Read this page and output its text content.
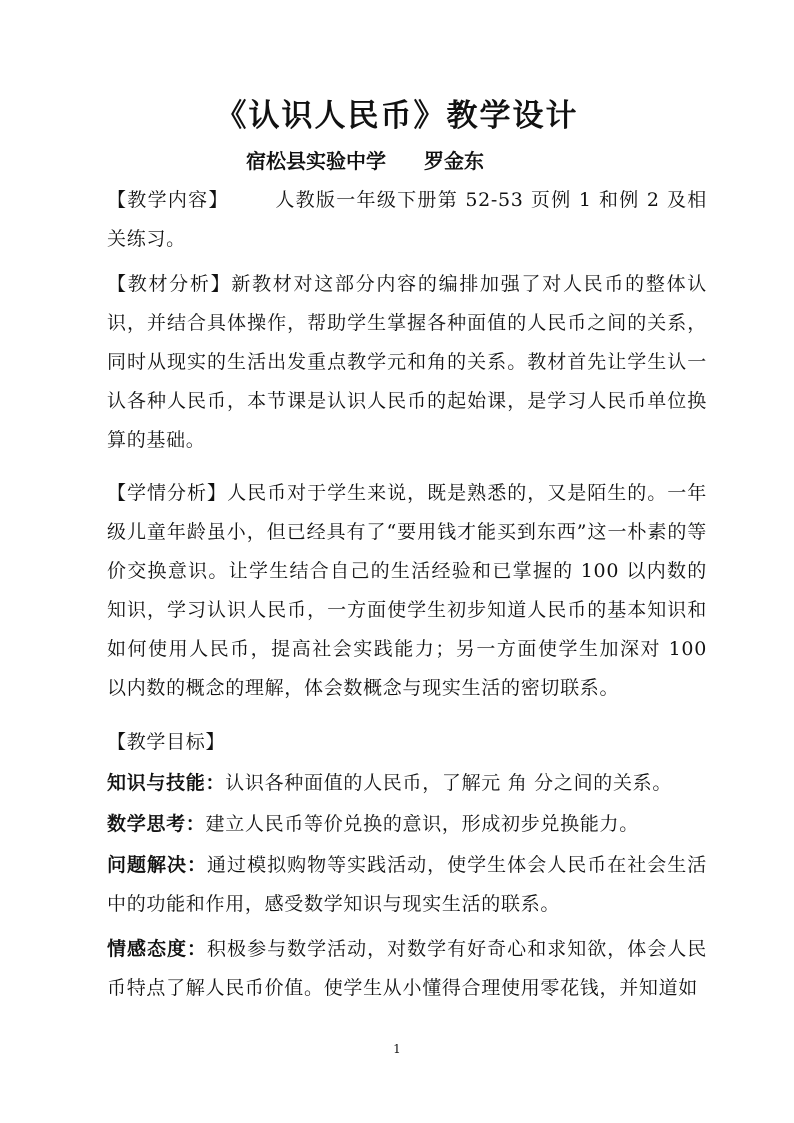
《认识人民币》教学设计
宿松县实验中学 罗金东
【教学内容】 人教版一年级下册第 52-53 页例 1 和例 2 及相关练习。
【教材分析】新教材对这部分内容的编排加强了对人民币的整体认识，并结合具体操作，帮助学生掌握各种面值的人民币之间的关系，同时从现实的生活出发重点教学元和角的关系。教材首先让学生认一认各种人民币，本节课是认识人民币的起始课，是学习人民币单位换算的基础。
【学情分析】人民币对于学生来说，既是熟悉的，又是陌生的。一年级儿童年龄虽小，但已经具有了“要用钱才能买到东西”这一朴素的等价交换意识。让学生结合自己的生活经验和已掌握的 100 以内数的知识，学习认识人民币，一方面使学生初步知道人民币的基本知识和如何使用人民币，提高社会实践能力；另一方面使学生加深对 100 以内数的概念的理解，体会数概念与现实生活的密切联系。
【教学目标】
知识与技能：认识各种面值的人民币，了解元 角 分之间的关系。
数学思考：建立人民币等价兑换的意识，形成初步兑换能力。
问题解决：通过模拟购物等实践活动，使学生体会人民币在社会生活中的功能和作用，感受数学知识与现实生活的联系。
情感态度：积极参与数学活动，对数学有好奇心和求知欲，体会人民币特点了解人民币价值。使学生从小懂得合理使用零花钱，并知道如
1
